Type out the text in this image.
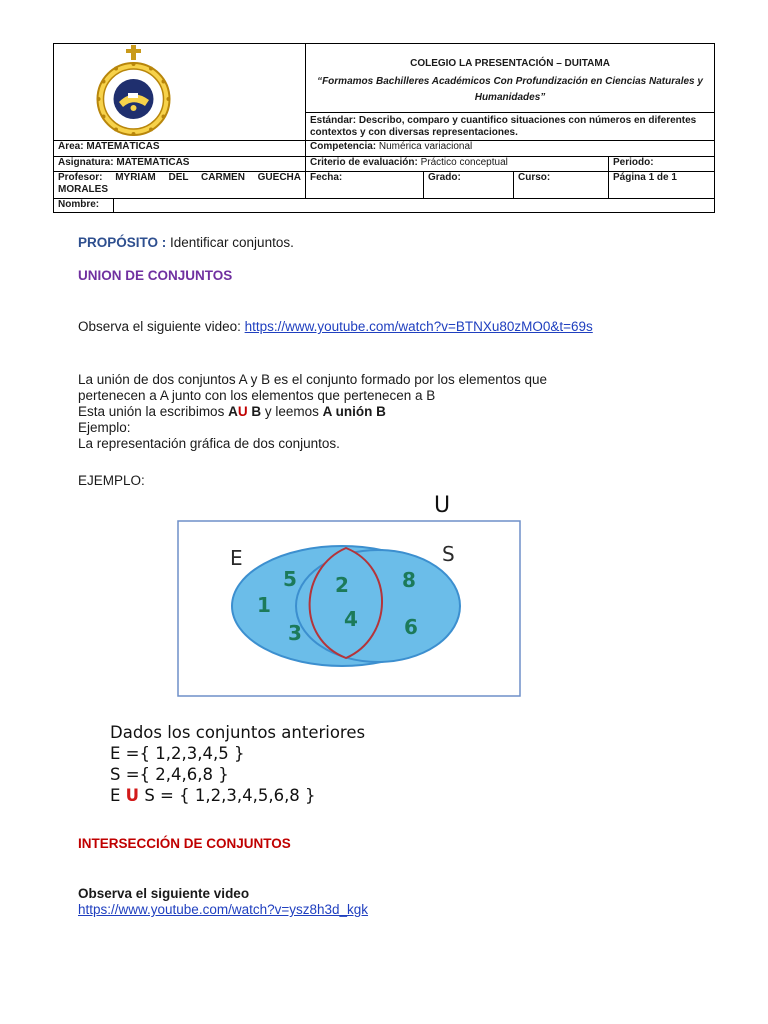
COLEGIO LA PRESENTACIÓN – DUITAMA
“Formamos Bachilleres Académicos Con Profundización en Ciencias Naturales y Humanidades”			

		Estándar: Describo, comparo y cuantifico situaciones con números en diferentes contextos y con diversas representaciones.			
Área: MATEMÁTICAS		Competencia: Numérica variacional			
Asignatura: MATEMÁTICAS		Criterio de evaluación: Práctico conceptual			Periodo:
Profesor: MYRIAM DEL CARMEN GUECHA MORALES		Fecha:	Grado:	Curso:	Página 1 de 1
Nombre:					
PROPÓSITO : Identificar conjuntos.
UNION DE CONJUNTOS
Observa el siguiente video: https://www.youtube.com/watch?v=BTNXu80zMO0&t=69s
La unión de dos conjuntos A y B es el conjunto formado por los elementos que
pertenecen a A junto con los elementos que pertenecen a B
Esta unión la escribimos AU B y leemos A unión B
Ejemplo:
La representación gráfica de dos conjuntos.
EJEMPLO:
U
E	S
5
1
3
2
4
8
6
Dados los conjuntos anteriores
E ={ 1,2,3,4,5 }
S ={ 2,4,6,8 }
E U S = { 1,2,3,4,5,6,8 }
INTERSECCIÓN DE CONJUNTOS
Observa el siguiente video
https://www.youtube.com/watch?v=ysz8h3d_kgk
